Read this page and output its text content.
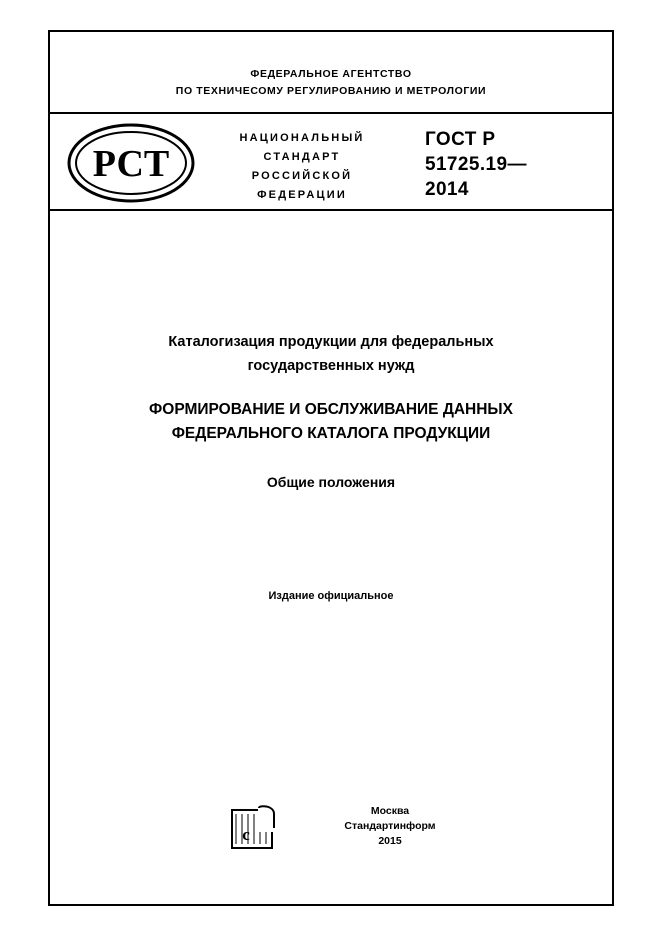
ФЕДЕРАЛЬНОЕ АГЕНТСТВО
ПО ТЕХНИЧЕСОМУ РЕГУЛИРОВАНИЮ И МЕТРОЛОГИИ
РСТ
НАЦИОНАЛЬНЫЙ
СТАНДАРТ
РОССИЙСКОЙ
ФЕДЕРАЦИИ
ГОСТ Р
51725.19—
2014
Каталогизация продукции для федеральных
государственных нужд
ФОРМИРОВАНИЕ И ОБСЛУЖИВАНИЕ ДАННЫХ
ФЕДЕРАЛЬНОГО КАТАЛОГА ПРОДУКЦИИ
Общие положения
Издание официальное
с
Москва
Стандартинформ
2015
